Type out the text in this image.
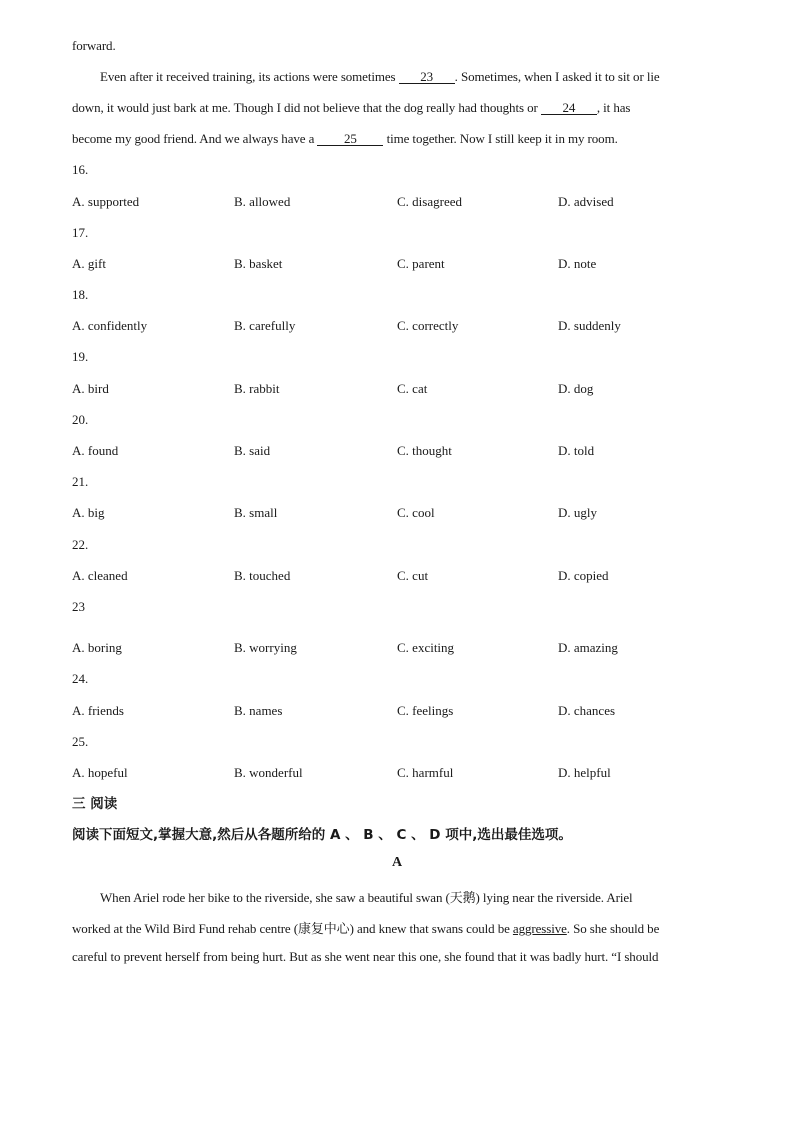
forward.
Even after it received training, its actions were sometimes 23 . Sometimes, when I asked it to sit or lie
down, it would just bark at me. Though I did not believe that the dog really had thoughts or 24 , it has
become my good friend. And we always have a 25 time together. Now I still keep it in my room.
16.
A. supported	B. allowed	C. disagreed	D. advised
17.
A. gift	B. basket	C. parent	D. note
18.
A. confidently	B. carefully	C. correctly	D. suddenly
19.
A. bird	B. rabbit	C. cat	D. dog
20.
A. found	B. said	C. thought	D. told
21.
A. big	B. small	C. cool	D. ugly
22.
A. cleaned	B. touched	C. cut	D. copied
23
A. boring	B. worrying	C. exciting	D. amazing
24.
A. friends	B. names	C. feelings	D. chances
25.
A. hopeful	B. wonderful	C. harmful	D. helpful
三 阅读
阅读下面短文,掌握大意,然后从各题所给的 A 、 B 、 C 、 D 项中,选出最佳选项。
A
When Ariel rode her bike to the riverside, she saw a beautiful swan (天鹅) lying near the riverside. Ariel
worked at the Wild Bird Fund rehab centre (康复中心) and knew that swans could be aggressive. So she should be
careful to prevent herself from being hurt. But as she went near this one, she found that it was badly hurt. “I should
